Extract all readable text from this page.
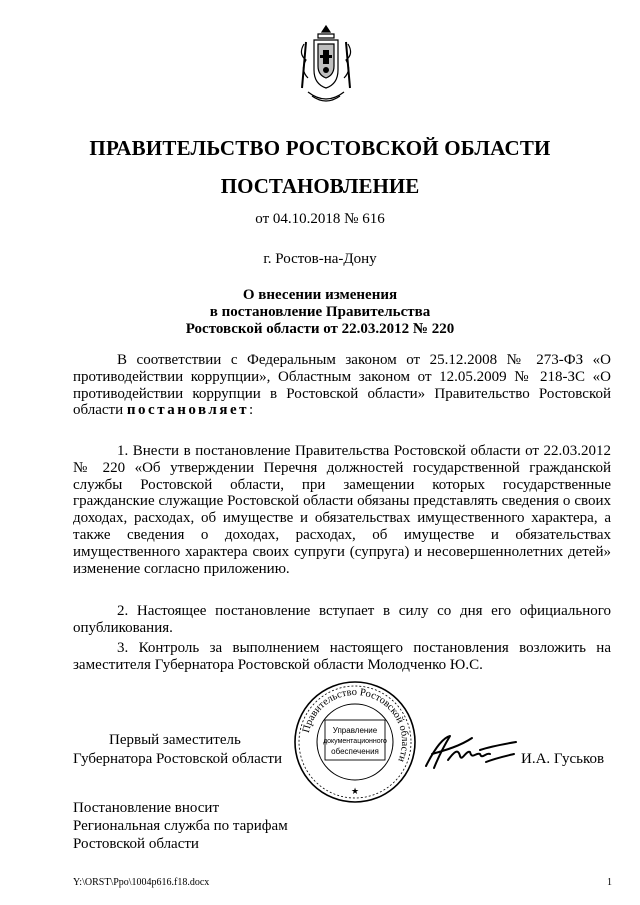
ПРАВИТЕЛЬСТВО РОСТОВСКОЙ ОБЛАСТИ
ПОСТАНОВЛЕНИЕ
от 04.10.2018 № 616
г. Ростов-на-Дону
О внесении изменения
в постановление Правительства
Ростовской области от 22.03.2012 № 220
В соответствии с Федеральным законом от 25.12.2008 № 273-ФЗ «О противодействии коррупции», Областным законом от 12.05.2009 № 218-ЗС «О противодействии коррупции в Ростовской области» Правительство Ростовской области постановляет:
1. Внести в постановление Правительства Ростовской области от 22.03.2012 № 220 «Об утверждении Перечня должностей государственной гражданской службы Ростовской области, при замещении которых государственные гражданские служащие Ростовской области обязаны представлять сведения о своих доходах, расходах, об имуществе и обязательствах имущественного характера, а также сведения о доходах, расходах, об имуществе и обязательствах имущественного характера своих супруги (супруга) и несовершеннолетних детей» изменение согласно приложению.
2. Настоящее постановление вступает в силу со дня его официального опубликования.
3. Контроль за выполнением настоящего постановления возложить на заместителя Губернатора Ростовской области Молодченко Ю.С.
Первый заместитель
Губернатора Ростовской области
Правительство Ростовской области
Управление
документационного
обеспечения
★
И.А. Гуськов
Постановление вносит
Региональная служба по тарифам
Ростовской области
Y:\ORST\Ppo\1004p616.f18.docx	1
